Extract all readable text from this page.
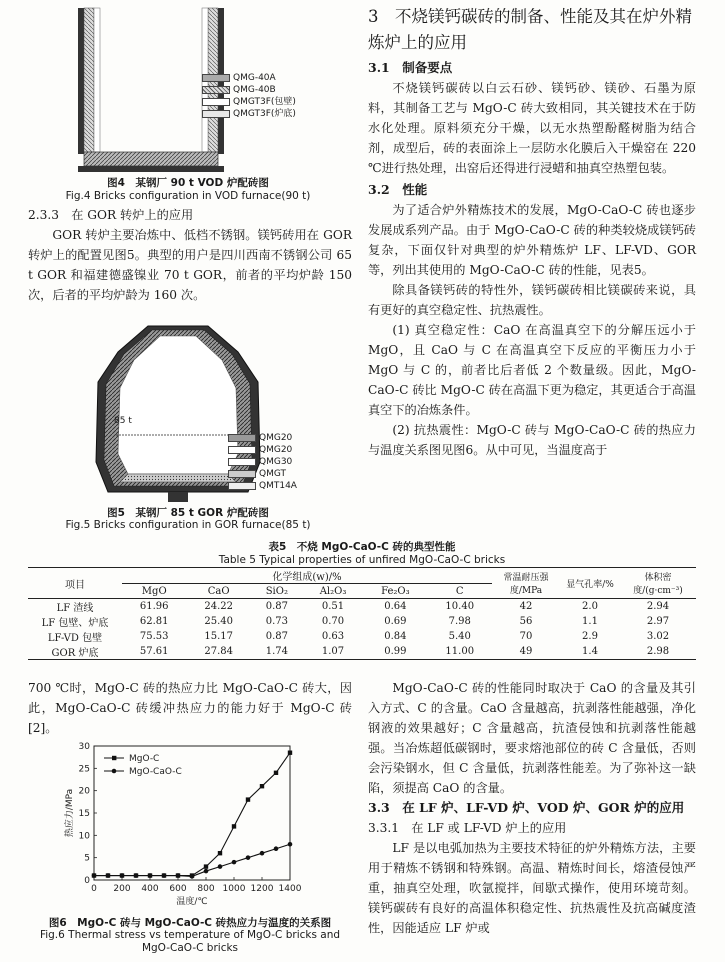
QMG-40A
QMG-40B
QMGT3F(包壁)
QMGT3F(炉底)
图4　某钢厂 90 t VOD 炉配砖图
Fig.4 Bricks configuration in VOD furnace(90 t)
2.3.3　在 GOR 转炉上的应用

GOR 转炉主要冶炼中、低档不锈钢。镁钙砖用在 GOR 转炉上的配置见图5。典型的用户是四川西南不锈钢公司 65 t GOR 和福建德盛镍业 70 t GOR，前者的平均炉龄 150 次，后者的平均炉龄为 160 次。

85 t
QMG20
QMG20
QMG30
QMGT
QMT14A
图5　某钢厂 85 t GOR 炉配砖图
Fig.5 Bricks configuration in GOR furnace(85 t)
3　不烧镁钙碳砖的制备、性能及其在炉外精炼炉上的应用
3.1　制备要点

不烧镁钙碳砖以白云石砂、镁钙砂、镁砂、石墨为原料，其制备工艺与 MgO-C 砖大致相同，其关键技术在于防水化处理。原料须充分干燥，以无水热塑酚醛树脂为结合剂，成型后，砖的表面涂上一层防水化膜后入干燥窑在 220 ℃进行热处理，出窑后还得进行浸蜡和抽真空热塑包装。

3.2　性能

为了适合炉外精炼技术的发展，MgO-CaO-C 砖也逐步发展成系列产品。由于 MgO-CaO-C 砖的种类较烧成镁钙砖复杂，下面仅针对典型的炉外精炼炉 LF、LF-VD、GOR 等，列出其使用的 MgO-CaO-C 砖的性能，见表5。

除具备镁钙砖的特性外，镁钙碳砖相比镁碳砖来说，具有更好的真空稳定性、抗热震性。

(1) 真空稳定性：CaO 在高温真空下的分解压远小于 MgO，且 CaO 与 C 在高温真空下反应的平衡压力小于 MgO 与 C 的，前者比后者低 2 个数量级。因此，MgO-CaO-C 砖比 MgO-C 砖在高温下更为稳定，其更适合于高温真空下的冶炼条件。

(2) 抗热震性：MgO-C 砖与 MgO-CaO-C 砖的热应力与温度关系图见图6。从中可见，当温度高于

表5　不烧 MgO-CaO-C 砖的典型性能
Table 5 Typical properties of unfired MgO-CaO-C bricks
项目	化学组成(w)/%						常温耐压强度/MPa	显气孔率/%	体积密度/(g·cm⁻³)
	MgO	CaO	SiO₂	Al₂O₃	Fe₂O₃	C			
LF 渣线	61.96	24.22	0.87	0.51	0.64	10.40	42	2.0	2.94
LF 包壁、炉底	62.81	25.40	0.73	0.70	0.69	7.98	56	1.1	2.97
LF-VD 包壁	75.53	15.17	0.87	0.63	0.84	5.40	70	2.9	3.02
GOR 炉底	57.61	27.84	1.74	1.07	0.99	11.00	49	1.4	2.98

700 ℃时，MgO-C 砖的热应力比 MgO-CaO-C 砖大，因此，MgO-CaO-C 砖缓冲热应力的能力好于 MgO-C 砖[2]。

0 200 400 600 800 1000 1200 1400
0
5
10
15
20
25
30
温度/℃
热应力/MPa
MgO-C
MgO-CaO-C
图6　MgO-C 砖与 MgO-CaO-C 砖热应力与温度的关系图
Fig.6 Thermal stress vs temperature of MgO-C bricks and MgO-CaO-C bricks

MgO-CaO-C 砖的性能同时取决于 CaO 的含量及其引入方式、C 的含量。CaO 含量越高，抗剥落性能越强，净化钢液的效果越好；C 含量越高，抗渣侵蚀和抗剥落性能越强。当冶炼超低碳钢时，要求熔池部位的砖 C 含量低，否则会污染钢水，但 C 含量低，抗剥落性能差。为了弥补这一缺陷，须提高 CaO 的含量。

3.3　在 LF 炉、LF-VD 炉、VOD 炉、GOR 炉的应用
3.3.1　在 LF 或 LF-VD 炉上的应用

LF 是以电弧加热为主要技术特征的炉外精炼方法，主要用于精炼不锈钢和特殊钢。高温、精炼时间长，熔渣侵蚀严重，抽真空处理，吹氩搅拌，间歇式操作，使用环境苛刻。镁钙碳砖有良好的高温体积稳定性、抗热震性及抗高碱度渣性，因能适应 LF 炉或
